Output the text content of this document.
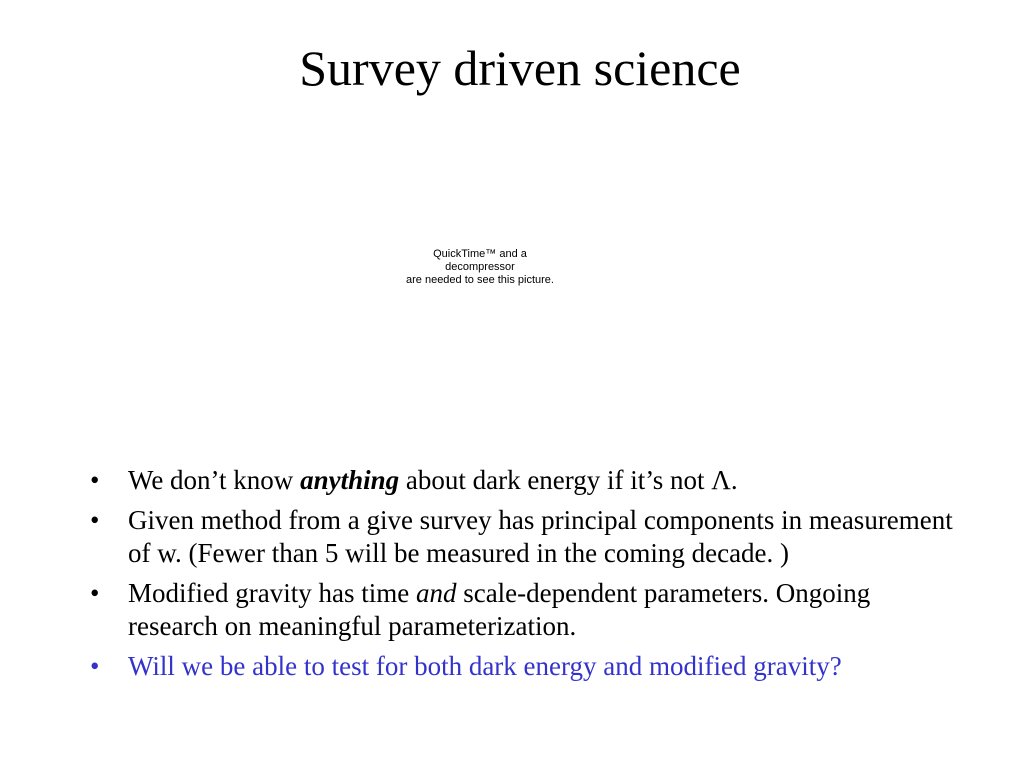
Survey driven science
QuickTime™ and a
decompressor
are needed to see this picture.
• We don’t know anything about dark energy if it’s not Λ.
• Given method from a give survey has principal components in measurement of w. (Fewer than 5 will be measured in the coming decade. )
• Modified gravity has time and scale-dependent parameters. Ongoing research on meaningful parameterization.
• Will we be able to test for both dark energy and modified gravity?
